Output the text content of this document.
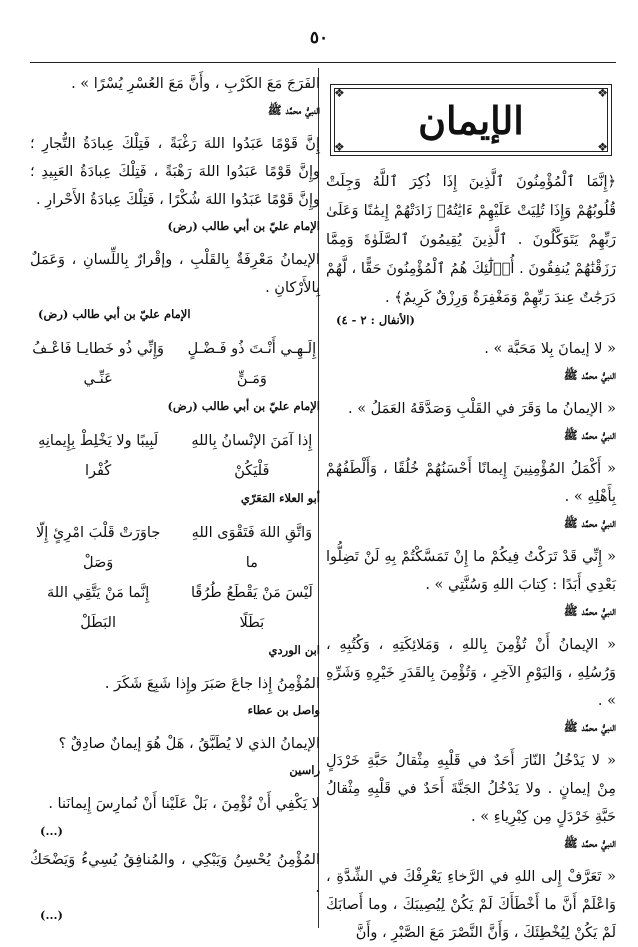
٥٠
❖	❖
❖	❖
الإيمان

﴿إِنَّمَا ٱلْمُؤْمِنُونَ ٱلَّذِينَ إِذَا ذُكِرَ ٱللَّهُ وَجِلَتْ قُلُوبُهُمْ وَإِذَا تُلِيَتْ عَلَيْهِمْ ءَايَٰتُهُۥ زَادَتْهُمْ إِيمَٰنًا وَعَلَىٰ رَبِّهِمْ يَتَوَكَّلُونَ . ٱلَّذِينَ يُقِيمُونَ ٱلصَّلَوٰةَ وَمِمَّا رَزَقْنَٰهُمْ يُنفِقُونَ . أُو۟لَٰٓئِكَ هُمُ ٱلْمُؤْمِنُونَ حَقًّا ، لَّهُمْ دَرَجَٰتٌ عِندَ رَبِّهِمْ وَمَغْفِرَةٌ وَرِزْقٌ كَرِيمٌ﴾ .

(الأنفال : ٢ - ٤)

« لا إيمانَ بِلا مَحَبَّة » .

النبيُّ محمَّد ﷺ

« الإيمانُ ما وَقَرَ في القَلْبِ وَصَدَّقَهُ العَمَلُ » .

النبيُّ محمَّد ﷺ

« أَكْمَلُ المُؤْمِنِينَ إِيمانًا أَحْسَنُهُمْ خُلُقًا ، وَأَلْطَفُهُمْ بِأَهْلِهِ » .

النبيُّ محمَّد ﷺ

« إِنِّي قَدْ تَرَكْتُ فِيكُمْ ما إِنْ تَمَسَّكْتُمْ بِهِ لَنْ تَضِلُّوا بَعْدِي أَبَدًا : كِتابَ اللهِ وَسُنَّتِي » .

النبيُّ محمَّد ﷺ

« الإيمانُ أَنْ تُؤْمِنَ بِاللهِ ، وَمَلائِكَتِهِ ، وَكُتُبِهِ ، وَرُسُلِهِ ، وَاليَوْمِ الآخِرِ ، وَتُؤْمِنَ بِالقَدَرِ خَيْرِهِ وَشَرِّهِ » .

النبيُّ محمَّد ﷺ

« لا يَدْخُلُ النّارَ أَحَدٌ في قَلْبِهِ مِثْقالُ حَبَّةِ خَرْدَلٍ مِنْ إيمانٍ . ولا يَدْخُلُ الجَنَّةَ أَحَدٌ في قَلْبِهِ مِثْقالُ حَبَّةِ خَرْدَلٍ مِن كِبْرِياءِ » .

النبيُّ محمَّد ﷺ

« تَعَرَّفْ إِلى اللهِ في الرَّخاءِ يَعْرِفْكَ في الشِّدَّةِ ، وَاعْلَمْ أَنَّ ما أَخْطَأَكَ لَمْ يَكُنْ لِيُصِيبَكَ ، وما أَصابَكَ لَمْ يَكُنْ لِيُخْطِئَكَ ، وَأَنَّ النَّصْرَ مَعَ الصَّبْرِ ، وأَنَّ

الفَرَجَ مَعَ الكَرْبِ ، وأَنَّ مَعَ العُسْرِ يُسْرًا » .

النبيُّ محمَّد ﷺ

إِنَّ قَوْمًا عَبَدُوا اللهَ رَغْبَةً ، فَتِلْكَ عِبادَةُ التُّجارِ ؛ وإِنَّ قَوْمًا عَبَدُوا اللهَ رَهْبَةً ، فَتِلْكَ عِبادَةُ العَبِيدِ ؛ وإِنَّ قَوْمًا عَبَدُوا اللهَ شُكْرًا ، فَتِلْكَ عِبادَةُ الأَحْرارِ .

الإمام عليّ بن أبي طالب (رض)

الإيمانُ مَعْرِفَةٌ بِالقَلْبِ ، وإقْرارٌ بِاللِّسانِ ، وَعَمَلٌ بِالأَرْكانِ .

الإمام عليّ بن أبي طالب (رض)
إِلَـهِـي أَنْـتَ ذُو فَـضْـلٍ وَمَـنٍّ
وَإِنِّي ذُو خَطايـا فَاعْـفُ عَنِّـي
الإمام عليّ بن أبي طالب (رض)
إِذا آمَنَ الإنْسانُ بِاللهِ فَلْيَكُنْ
لَبِيبًا ولا يَخْلِطْ بِإِيمانِهِ كُفْرا
أبو العلاء المَعَرّي
وَاتَّقِ اللهَ فَتَقْوَى اللهِ ما
جاوَرَتْ قَلْبَ امْرِئٍ إِلّا وَصَلْ
لَيْسَ مَنْ يَقْطَعُ طُرُقًا بَطَلًا
إِنَّما مَنْ يَتَّقِي اللهَ البَطَلْ
ابن الوردي

المُؤْمِنُ إِذا جاعَ صَبَرَ وإِذا شَبِعَ شَكَرَ .

واصل بن عطاء

الإيمانُ الذي لا يُطَبَّقُ ، هَلْ هُوَ إيمانٌ صادِقٌ ؟

راسين

لا يَكْفِي أَنْ نُؤْمِنَ ، بَلْ عَلَيْنا أَنْ نُمارِسَ إِيمانَنا .

(...)

المُؤْمِنُ يُحْسِنُ وَيَبْكِي ، والمُنافِقُ يُسِيءُ وَيَضْحَكُ .

(...)
